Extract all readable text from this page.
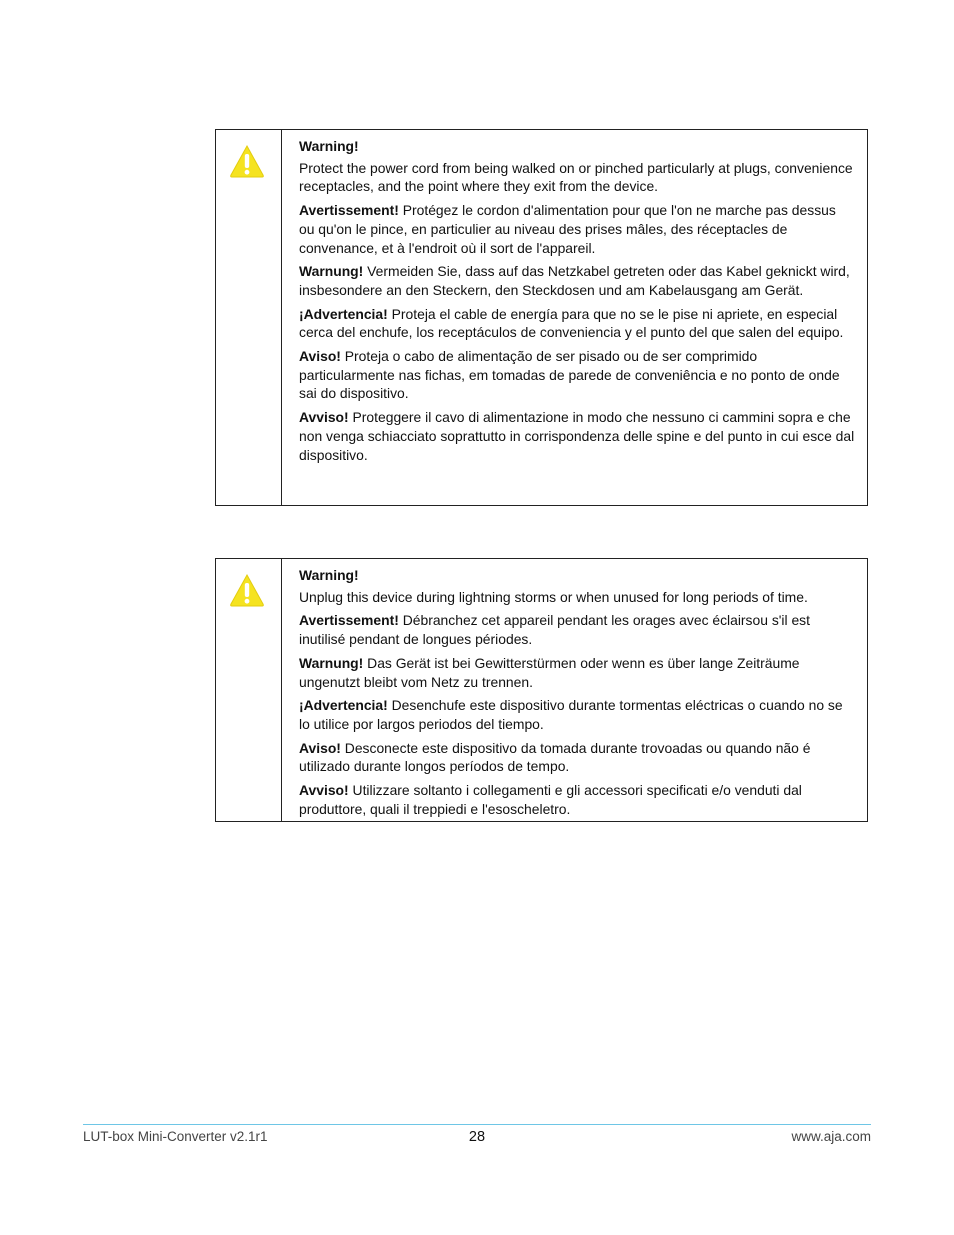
Warning!

Protect the power cord from being walked on or pinched particularly at plugs, convenience receptacles, and the point where they exit from the device.

Avertissement! Protégez le cordon d'alimentation pour que l'on ne marche pas dessus ou qu'on le pince, en particulier au niveau des prises mâles, des réceptacles de convenance, et à l'endroit où il sort de l'appareil.

Warnung! Vermeiden Sie, dass auf das Netzkabel getreten oder das Kabel geknickt wird, insbesondere an den Steckern, den Steckdosen und am Kabelausgang am Gerät.

¡Advertencia! Proteja el cable de energía para que no se le pise ni apriete, en especial cerca del enchufe, los receptáculos de conveniencia y el punto del que salen del equipo.

Aviso! Proteja o cabo de alimentação de ser pisado ou de ser comprimido particularmente nas fichas, em tomadas de parede de conveniência e no ponto de onde sai do dispositivo.

Avviso! Proteggere il cavo di alimentazione in modo che nessuno ci cammini sopra e che non venga schiacciato soprattutto in corrispondenza delle spine e del punto in cui esce dal dispositivo.

Warning!

Unplug this device during lightning storms or when unused for long periods of time.

Avertissement! Débranchez cet appareil pendant les orages avec éclairsou s'il est inutilisé pendant de longues périodes.

Warnung! Das Gerät ist bei Gewitterstürmen oder wenn es über lange Zeiträume ungenutzt bleibt vom Netz zu trennen.

¡Advertencia! Desenchufe este dispositivo durante tormentas eléctricas o cuando no se lo utilice por largos periodos del tiempo.

Aviso! Desconecte este dispositivo da tomada durante trovoadas ou quando não é utilizado durante longos períodos de tempo.

Avviso! Utilizzare soltanto i collegamenti e gli accessori specificati e/o venduti dal produttore, quali il treppiedi e l'esoscheletro.

LUT-box Mini-Converter v2.1r1	28	www.aja.com
